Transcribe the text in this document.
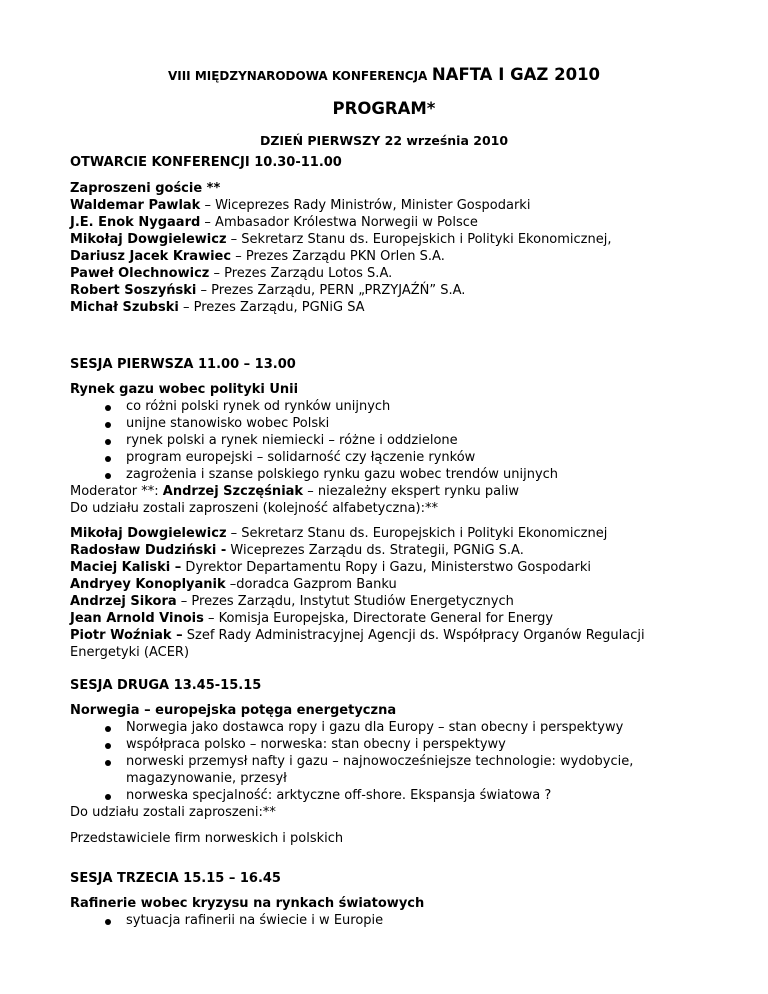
VIII MIĘDZYNARODOWA KONFERENCJA NAFTA I GAZ 2010
PROGRAM*
DZIEŃ PIERWSZY 22 września 2010

OTWARCIE KONFERENCJI 10.30-11.00

Zaproszeni goście **

Waldemar Pawlak – Wiceprezes Rady Ministrów, Minister Gospodarki

J.E. Enok Nygaard – Ambasador Królestwa Norwegii w Polsce

Mikołaj Dowgielewicz – Sekretarz Stanu ds. Europejskich i Polityki Ekonomicznej,

Dariusz Jacek Krawiec – Prezes Zarządu PKN Orlen S.A.

Paweł Olechnowicz – Prezes Zarządu Lotos S.A.

Robert Soszyński – Prezes Zarządu, PERN „PRZYJAŹŃ” S.A.

Michał Szubski – Prezes Zarządu, PGNiG SA

SESJA PIERWSZA 11.00 – 13.00

Rynek gazu wobec polityki Unii

co różni polski rynek od rynków unijnych
unijne stanowisko wobec Polski
rynek polski a rynek niemiecki – różne i oddzielone
program europejski – solidarność czy łączenie rynków
zagrożenia i szanse polskiego rynku gazu wobec trendów unijnych

Moderator **: Andrzej Szczęśniak – niezależny ekspert rynku paliw

Do udziału zostali zaproszeni (kolejność alfabetyczna):**

Mikołaj Dowgielewicz – Sekretarz Stanu ds. Europejskich i Polityki Ekonomicznej

Radosław Dudziński - Wiceprezes Zarządu ds. Strategii, PGNiG S.A.

Maciej Kaliski – Dyrektor Departamentu Ropy i Gazu, Ministerstwo Gospodarki

Andryey Konoplyanik –doradca Gazprom Banku

Andrzej Sikora – Prezes Zarządu, Instytut Studiów Energetycznych

Jean Arnold Vinois – Komisja Europejska, Directorate General for Energy

Piotr Woźniak – Szef Rady Administracyjnej Agencji ds. Współpracy Organów Regulacji Energetyki (ACER)

SESJA DRUGA 13.45-15.15

Norwegia – europejska potęga energetyczna

Norwegia jako dostawca ropy i gazu dla Europy – stan obecny i perspektywy
współpraca polsko – norweska: stan obecny i perspektywy
norweski przemysł nafty i gazu – najnowocześniejsze technologie: wydobycie, magazynowanie, przesył
norweska specjalność: arktyczne off-shore. Ekspansja światowa ?

Do udziału zostali zaproszeni:**

Przedstawiciele firm norweskich i polskich

SESJA TRZECIA 15.15 – 16.45

Rafinerie wobec kryzysu na rynkach światowych

sytuacja rafinerii na świecie i w Europie
